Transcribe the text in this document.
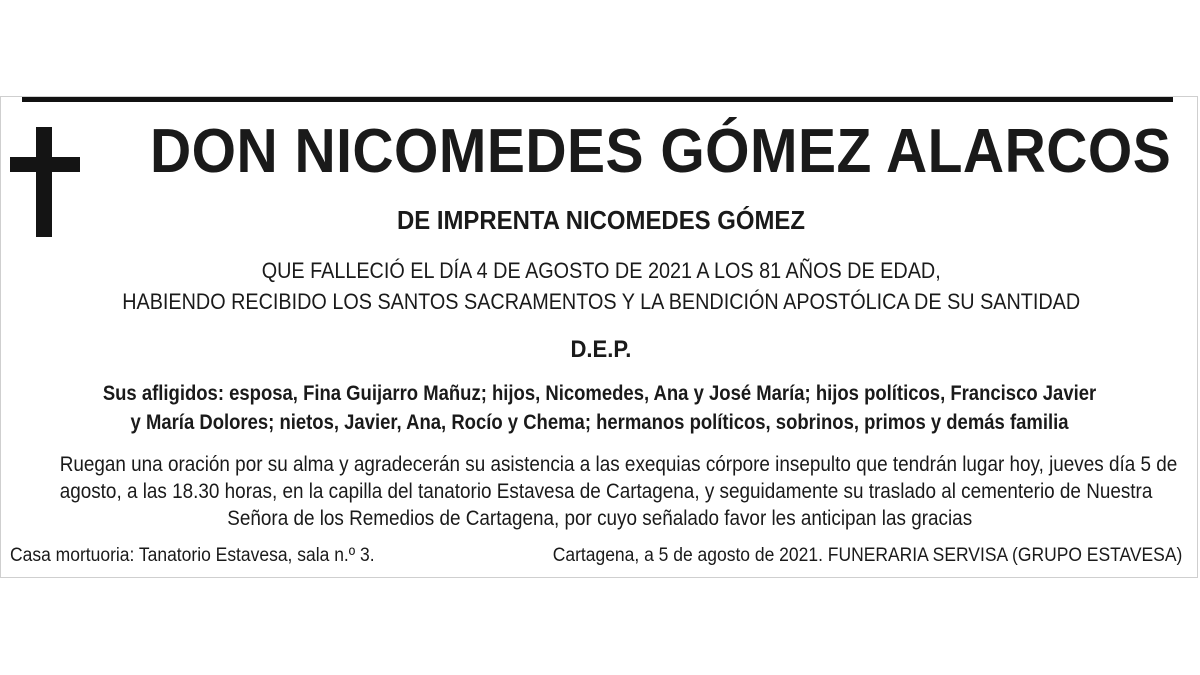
DON NICOMEDES GÓMEZ ALARCOS
DE IMPRENTA NICOMEDES GÓMEZ
QUE FALLECIÓ EL DÍA 4 DE AGOSTO DE 2021 A LOS 81 AÑOS DE EDAD,
HABIENDO RECIBIDO LOS SANTOS SACRAMENTOS Y LA BENDICIÓN APOSTÓLICA DE SU SANTIDAD
D.E.P.
Sus afligidos: esposa, Fina Guijarro Mañuz; hijos, Nicomedes, Ana y José María; hijos políticos, Francisco Javier
y María Dolores; nietos, Javier, Ana, Rocío y Chema; hermanos políticos, sobrinos, primos y demás familia
Ruegan una oración por su alma y agradecerán su asistencia a las exequias córpore insepulto que tendrán lugar hoy, jueves día 5 de
agosto, a las 18.30 horas, en la capilla del tanatorio Estavesa de Cartagena, y seguidamente su traslado al cementerio de Nuestra
Señora de los Remedios de Cartagena, por cuyo señalado favor les anticipan las gracias
Casa mortuoria: Tanatorio Estavesa, sala n.º 3.	Cartagena, a 5 de agosto de 2021. FUNERARIA SERVISA (GRUPO ESTAVESA)
